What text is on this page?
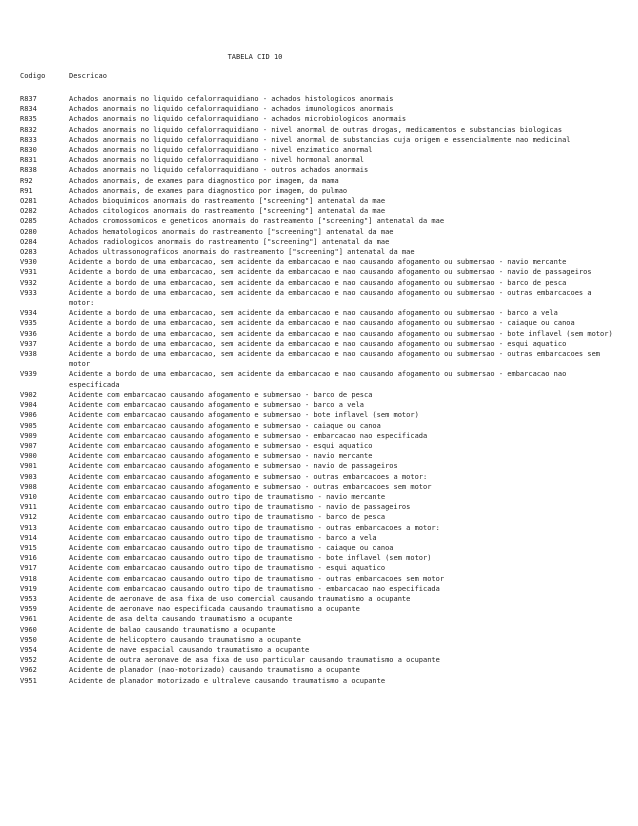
TABELA CID 10
Codigo	Descricao
R837	Achados anormais no liquido cefalorraquidiano - achados histologicos anormais
R834	Achados anormais no liquido cefalorraquidiano - achados imunologicos anormais
R835	Achados anormais no liquido cefalorraquidiano - achados microbiologicos anormais
R832	Achados anormais no liquido cefalorraquidiano - nivel anormal de outras drogas, medicamentos e substancias biologicas
R833	Achados anormais no liquido cefalorraquidiano - nivel anormal de substancias cuja origem e essencialmente nao medicinal
R830	Achados anormais no liquido cefalorraquidiano - nivel enzimatico anormal
R831	Achados anormais no liquido cefalorraquidiano - nivel hormonal anormal
R838	Achados anormais no liquido cefalorraquidiano - outros achados anormais
R92	Achados anormais, de exames para diagnostico por imagem, da mama
R91	Achados anormais, de exames para diagnostico por imagem, do pulmao
O281	Achados bioquimicos anormais do rastreamento ["screening"] antenatal da mae
O282	Achados citologicos anormais do rastreamento ["screening"] antenatal da mae
O285	Achados cromossomicos e geneticos anormais do rastreamento ["screening"] antenatal da mae
O280	Achados hematologicos anormais do rastreamento ["screening"] antenatal da mae
O284	Achados radiologicos anormais do rastreamento ["screening"] antenatal da mae
O283	Achados ultrassonograficos anormais do rastreamento ["screening"] antenatal da mae
V930	Acidente a bordo de uma embarcacao, sem acidente da embarcacao e nao causando afogamento ou submersao - navio mercante
V931	Acidente a bordo de uma embarcacao, sem acidente da embarcacao e nao causando afogamento ou submersao - navio de passageiros
V932	Acidente a bordo de uma embarcacao, sem acidente da embarcacao e nao causando afogamento ou submersao - barco de pesca
V933	Acidente a bordo de uma embarcacao, sem acidente da embarcacao e nao causando afogamento ou submersao - outras embarcacoes a motor:
V934	Acidente a bordo de uma embarcacao, sem acidente da embarcacao e nao causando afogamento ou submersao - barco a vela
V935	Acidente a bordo de uma embarcacao, sem acidente da embarcacao e nao causando afogamento ou submersao - caiaque ou canoa
V936	Acidente a bordo de uma embarcacao, sem acidente da embarcacao e nao causando afogamento ou submersao - bote inflavel (sem motor)
V937	Acidente a bordo de uma embarcacao, sem acidente da embarcacao e nao causando afogamento ou submersao - esqui aquatico
V938	Acidente a bordo de uma embarcacao, sem acidente da embarcacao e nao causando afogamento ou submersao - outras embarcacoes sem motor
V939	Acidente a bordo de uma embarcacao, sem acidente da embarcacao e nao causando afogamento ou submersao - embarcacao nao especificada
V902	Acidente com embarcacao causando afogamento e submersao - barco de pesca
V904	Acidente com embarcacao causando afogamento e submersao - barco a vela
V906	Acidente com embarcacao causando afogamento e submersao - bote inflavel (sem motor)
V905	Acidente com embarcacao causando afogamento e submersao - caiaque ou canoa
V909	Acidente com embarcacao causando afogamento e submersao - embarcacao nao especificada
V907	Acidente com embarcacao causando afogamento e submersao - esqui aquatico
V900	Acidente com embarcacao causando afogamento e submersao - navio mercante
V901	Acidente com embarcacao causando afogamento e submersao - navio de passageiros
V903	Acidente com embarcacao causando afogamento e submersao - outras embarcacoes a motor:
V908	Acidente com embarcacao causando afogamento e submersao - outras embarcacoes sem motor
V910	Acidente com embarcacao causando outro tipo de traumatismo - navio mercante
V911	Acidente com embarcacao causando outro tipo de traumatismo - navio de passageiros
V912	Acidente com embarcacao causando outro tipo de traumatismo - barco de pesca
V913	Acidente com embarcacao causando outro tipo de traumatismo - outras embarcacoes a motor:
V914	Acidente com embarcacao causando outro tipo de traumatismo - barco a vela
V915	Acidente com embarcacao causando outro tipo de traumatismo - caiaque ou canoa
V916	Acidente com embarcacao causando outro tipo de traumatismo - bote inflavel (sem motor)
V917	Acidente com embarcacao causando outro tipo de traumatismo - esqui aquatico
V918	Acidente com embarcacao causando outro tipo de traumatismo - outras embarcacoes sem motor
V919	Acidente com embarcacao causando outro tipo de traumatismo - embarcacao nao especificada
V953	Acidente de aeronave de asa fixa de uso comercial causando traumatismo a ocupante
V959	Acidente de aeronave nao especificada causando traumatismo a ocupante
V961	Acidente de asa delta causando traumatismo a ocupante
V960	Acidente de balao causando traumatismo a ocupante
V950	Acidente de helicoptero causando traumatismo a ocupante
V954	Acidente de nave espacial causando traumatismo a ocupante
V952	Acidente de outra aeronave de asa fixa de uso particular causando traumatismo a ocupante
V962	Acidente de planador (nao-motorizado) causando traumatismo a ocupante
V951	Acidente de planador motorizado e ultraleve causando traumatismo a ocupante
